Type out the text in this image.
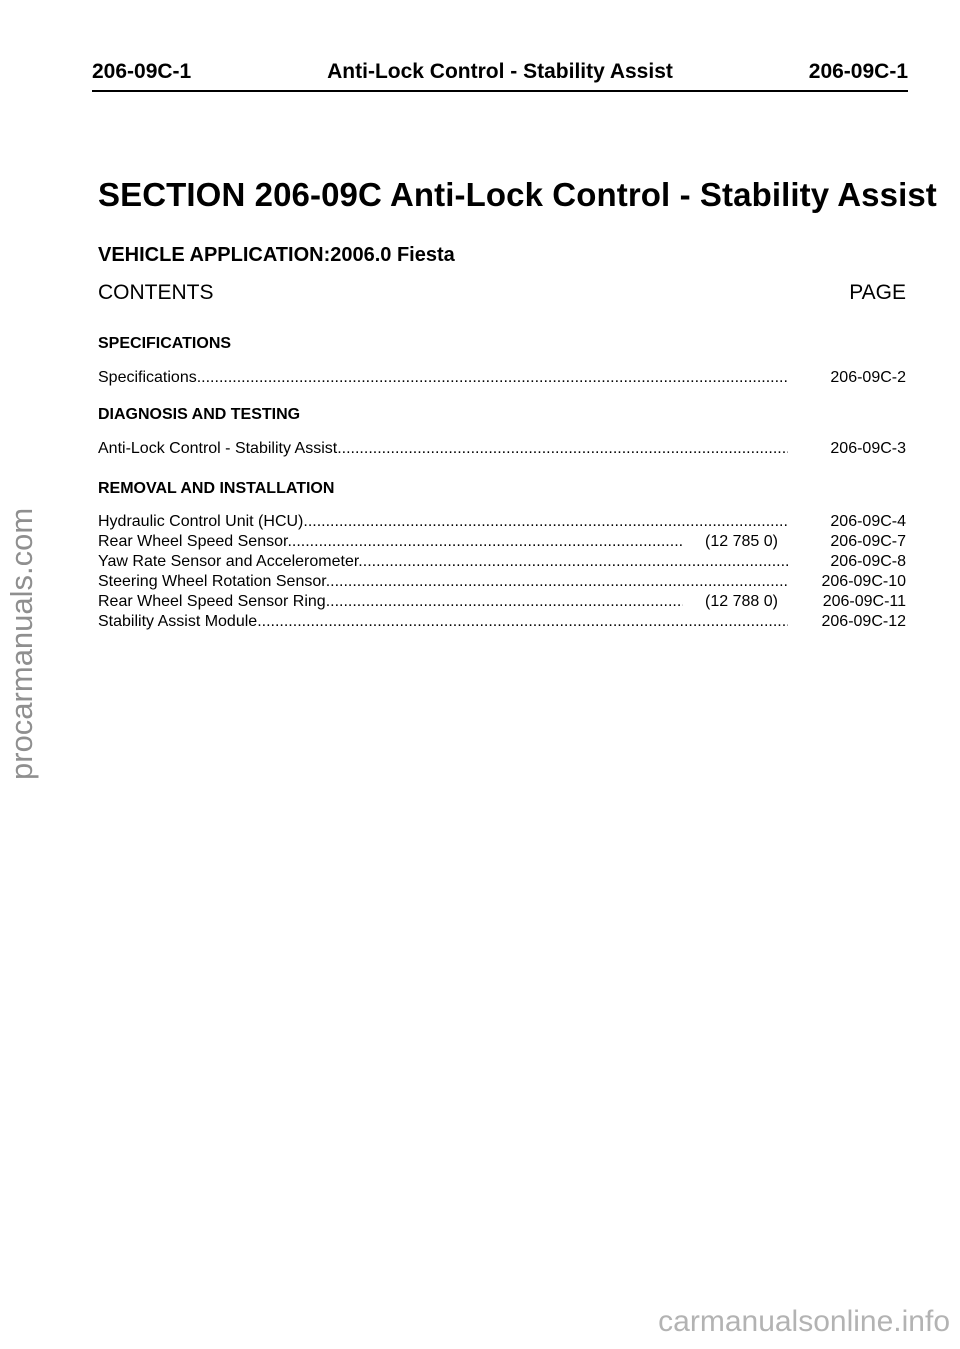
206-09C-1	Anti-Lock Control - Stability Assist	206-09C-1
SECTION 206-09C Anti-Lock Control - Stability Assist
VEHICLE APPLICATION:2006.0 Fiesta
CONTENTS	PAGE
SPECIFICATIONS
Specifications .....	206-09C-2
DIAGNOSIS AND TESTING
Anti-Lock Control - Stability Assist .....	206-09C-3
REMOVAL AND INSTALLATION
Hydraulic Control Unit (HCU) .....	206-09C-4
Rear Wheel Speed Sensor .....	(12 785 0)	206-09C-7
Yaw Rate Sensor and Accelerometer .....	206-09C-8
Steering Wheel Rotation Sensor .....	206-09C-10
Rear Wheel Speed Sensor Ring .....	(12 788 0)	206-09C-11
Stability Assist Module .....	206-09C-12
procarmanuals.com
carmanualsonline.info
